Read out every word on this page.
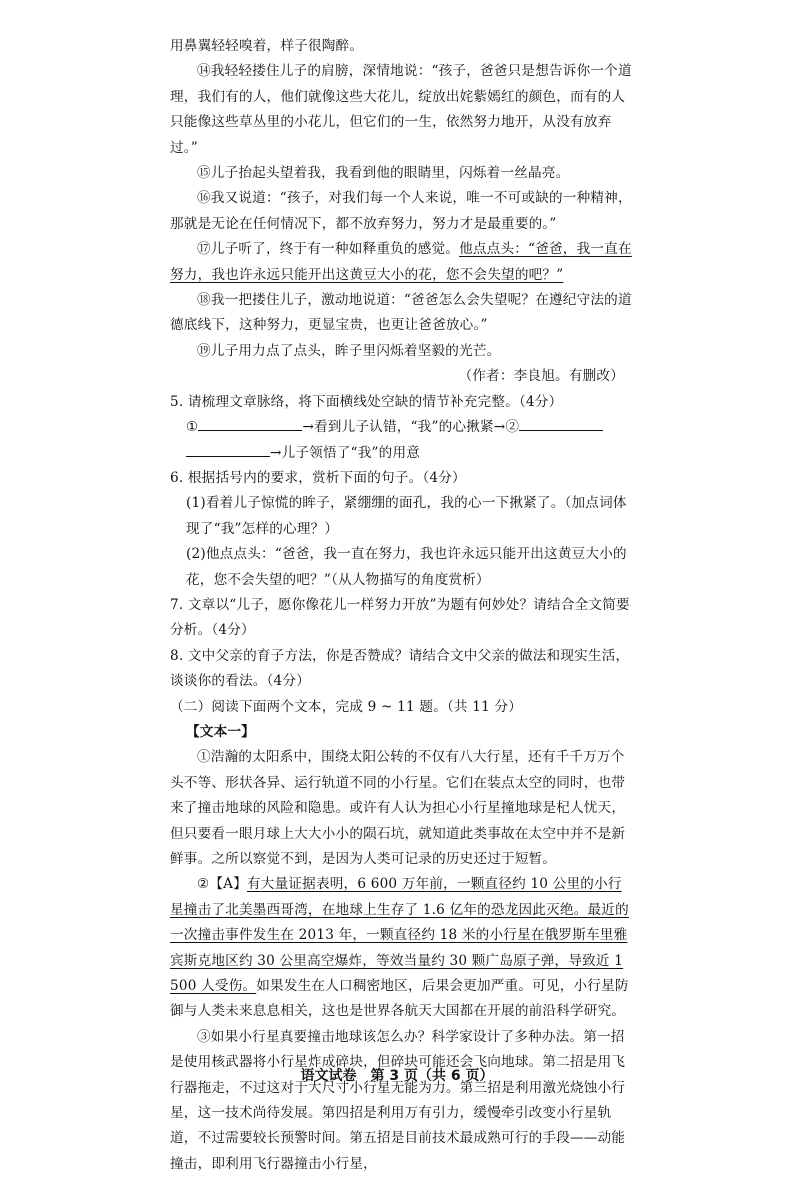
用鼻翼轻轻嗅着，样子很陶醉。

⑭我轻轻搂住儿子的肩膀，深情地说：“孩子，爸爸只是想告诉你一个道理，我们有的人，他们就像这些大花儿，绽放出姹紫嫣红的颜色，而有的人只能像这些草丛里的小花儿，但它们的一生，依然努力地开，从没有放弃过。”

⑮儿子抬起头望着我，我看到他的眼睛里，闪烁着一丝晶亮。

⑯我又说道：“孩子，对我们每一个人来说，唯一不可或缺的一种精神，那就是无论在任何情况下，都不放弃努力，努力才是最重要的。”

⑰儿子听了，终于有一种如释重负的感觉。他点点头：“爸爸，我一直在努力，我也许永远只能开出这黄豆大小的花，您不会失望的吧？”

⑱我一把搂住儿子，激动地说道：“爸爸怎么会失望呢？在遵纪守法的道德底线下，这种努力，更显宝贵，也更让爸爸放心。”

⑲儿子用力点了点头，眸子里闪烁着坚毅的光芒。

（作者：李良旭。有删改）

5. 请梳理文章脉络，将下面横线处空缺的情节补充完整。（4分）

①	→看到儿子认错，“我”的心揪紧→②

→儿子领悟了“我”的用意

6. 根据括号内的要求，赏析下面的句子。（4分）

(1)看着儿子惊慌的眸子，紧绷绷的面孔，我的心一下揪紧了。（加点词体现了“我”怎样的心理？）

(2)他点点头：“爸爸，我一直在努力，我也许永远只能开出这黄豆大小的花，您不会失望的吧？”（从人物描写的角度赏析）

7. 文章以“儿子，愿你像花儿一样努力开放”为题有何妙处？请结合全文简要分析。（4分）

8. 文中父亲的育子方法，你是否赞成？请结合文中父亲的做法和现实生活，谈谈你的看法。（4分）

（二）阅读下面两个文本，完成 9 ~ 11 题。（共 11 分）

【文本一】

①浩瀚的太阳系中，围绕太阳公转的不仅有八大行星，还有千千万万个头不等、形状各异、运行轨道不同的小行星。它们在装点太空的同时，也带来了撞击地球的风险和隐患。或许有人认为担心小行星撞地球是杞人忧天，但只要看一眼月球上大大小小的陨石坑，就知道此类事故在太空中并不是新鲜事。之所以察觉不到，是因为人类可记录的历史还过于短暂。

②【A】有大量证据表明，6 600 万年前，一颗直径约 10 公里的小行星撞击了北美墨西哥湾，在地球上生存了 1.6 亿年的恐龙因此灭绝。最近的一次撞击事件发生在 2013 年，一颗直径约 18 米的小行星在俄罗斯车里雅宾斯克地区约 30 公里高空爆炸，等效当量约 30 颗广岛原子弹，导致近 1 500 人受伤。如果发生在人口稠密地区，后果会更加严重。可见，小行星防御与人类未来息息相关，这也是世界各航天大国都在开展的前沿科学研究。

③如果小行星真要撞击地球该怎么办？科学家设计了多种办法。第一招是使用核武器将小行星炸成碎块，但碎块可能还会飞向地球。第二招是用飞行器拖走，不过这对于大尺寸小行星无能为力。第三招是利用激光烧蚀小行星，这一技术尚待发展。第四招是利用万有引力，缓慢牵引改变小行星轨道，不过需要较长预警时间。第五招是目前技术最成熟可行的手段——动能撞击，即利用飞行器撞击小行星，

语文试卷　第 3 页（共 6 页）
